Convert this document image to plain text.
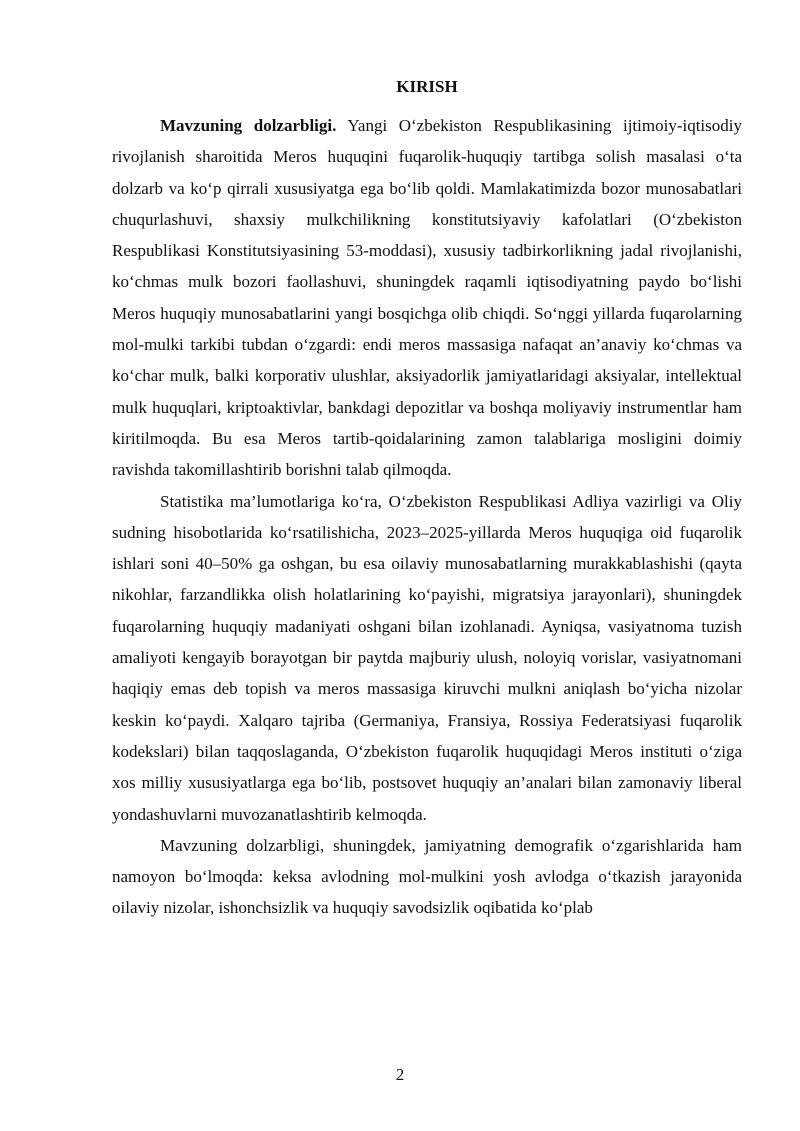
KIRISH

Mavzuning dolzarbligi. Yangi O‘zbekiston Respublikasining ijtimoiy-iqtisodiy rivojlanish sharoitida Meros huquqini fuqarolik-huquqiy tartibga solish masalasi o‘ta dolzarb va ko‘p qirrali xususiyatga ega bo‘lib qoldi. Mamlakatimizda bozor munosabatlari chuqurlashuvi, shaxsiy mulkchilikning konstitutsiyaviy kafolatlari (O‘zbekiston Respublikasi Konstitutsiyasining 53-moddasi), xususiy tadbirkorlikning jadal rivojlanishi, ko‘chmas mulk bozori faollashuvi, shuningdek raqamli iqtisodiyatning paydo bo‘lishi Meros huquqiy munosabatlarini yangi bosqichga olib chiqdi. So‘nggi yillarda fuqarolarning mol-mulki tarkibi tubdan o‘zgardi: endi meros massasiga nafaqat an’anaviy ko‘chmas va ko‘char mulk, balki korporativ ulushlar, aksiyadorlik jamiyatlaridagi aksiyalar, intellektual mulk huquqlari, kriptoaktivlar, bankdagi depozitlar va boshqa moliyaviy instrumentlar ham kiritilmoqda. Bu esa Meros tartib-qoidalarining zamon talablariga mosligini doimiy ravishda takomillashtirib borishni talab qilmoqda.

Statistika ma’lumotlariga ko‘ra, O‘zbekiston Respublikasi Adliya vazirligi va Oliy sudning hisobotlarida ko‘rsatilishicha, 2023–2025-yillarda Meros huquqiga oid fuqarolik ishlari soni 40–50% ga oshgan, bu esa oilaviy munosabatlarning murakkablashishi (qayta nikohlar, farzandlikka olish holatlarining ko‘payishi, migratsiya jarayonlari), shuningdek fuqarolarning huquqiy madaniyati oshgani bilan izohlanadi. Ayniqsa, vasiyatnoma tuzish amaliyoti kengayib borayotgan bir paytda majburiy ulush, noloyiq vorislar, vasiyatnomani haqiqiy emas deb topish va meros massasiga kiruvchi mulkni aniqlash bo‘yicha nizolar keskin ko‘paydi. Xalqaro tajriba (Germaniya, Fransiya, Rossiya Federatsiyasi fuqarolik kodekslari) bilan taqqoslaganda, O‘zbekiston fuqarolik huquqidagi Meros instituti o‘ziga xos milliy xususiyatlarga ega bo‘lib, postsovet huquqiy an’analari bilan zamonaviy liberal yondashuvlarni muvozanatlashtirib kelmoqda.

Mavzuning dolzarbligi, shuningdek, jamiyatning demografik o‘zgarishlarida ham namoyon bo‘lmoqda: keksa avlodning mol-mulkini yosh avlodga o‘tkazish jarayonida oilaviy nizolar, ishonchsizlik va huquqiy savodsizlik oqibatida ko‘plab

2
